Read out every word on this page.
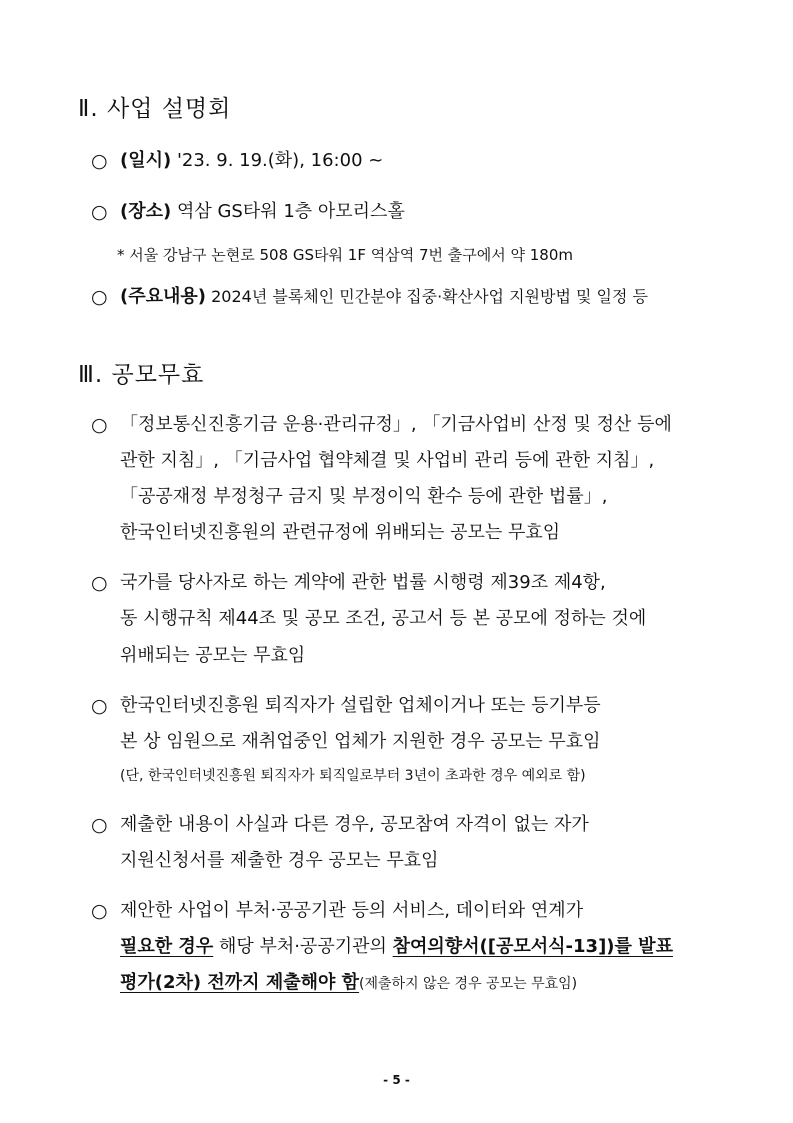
Ⅱ. 사업 설명회
○ (일시) '23. 9. 19.(화), 16:00 ~
○ (장소) 역삼 GS타워 1층 아모리스홀
* 서울 강남구 논현로 508 GS타워 1F 역삼역 7번 출구에서 약 180m
○ (주요내용) 2024년 블록체인 민간분야 집중·확산사업 지원방법 및 일정 등
Ⅲ. 공모무효
○ 「정보통신진흥기금 운용·관리규정」, 「기금사업비 산정 및 정산 등에
관한 지침」, 「기금사업 협약체결 및 사업비 관리 등에 관한 지침」,
「공공재정 부정청구 금지 및 부정이익 환수 등에 관한 법률」,
한국인터넷진흥원의 관련규정에 위배되는 공모는 무효임
○ 국가를 당사자로 하는 계약에 관한 법률 시행령 제39조 제4항,
동 시행규칙 제44조 및 공모 조건, 공고서 등 본 공모에 정하는 것에
위배되는 공모는 무효임
○ 한국인터넷진흥원 퇴직자가 설립한 업체이거나 또는 등기부등
본 상 임원으로 재취업중인 업체가 지원한 경우 공모는 무효임
(단, 한국인터넷진흥원 퇴직자가 퇴직일로부터 3년이 초과한 경우 예외로 함)
○ 제출한 내용이 사실과 다른 경우, 공모참여 자격이 없는 자가
지원신청서를 제출한 경우 공모는 무효임
○ 제안한 사업이 부처·공공기관 등의 서비스, 데이터와 연계가
필요한 경우 해당 부처·공공기관의 참여의향서([공모서식-13])를 발표
평가(2차) 전까지 제출해야 함(제출하지 않은 경우 공모는 무효임)
- 5 -
